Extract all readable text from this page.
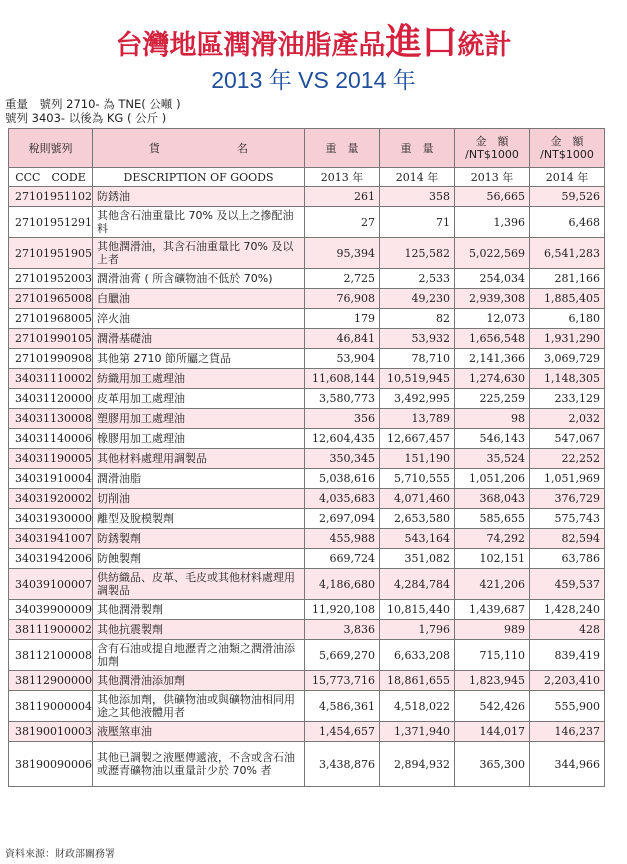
台灣地區潤滑油脂產品進口統計
2013 年 VS 2014 年
重量　號列 2710- 為 TNE( 公噸 )
號列 3403- 以後為 KG ( 公斤 )
稅則號列	貨　　　　　　　名	重　量	重　量	金　額 /NT$1000	金　額 /NT$1000
CCC　CODE	DESCRIPTION OF GOODS	2013 年	2014 年	2013 年	2014 年
27101951102	防銹油	261	358	56,665	59,526
27101951291	其他含石油重量比 70% 及以上之摻配油料	27	71	1,396	6,468
27101951905	其他潤滑油，其含石油重量比 70% 及以上者	95,394	125,582	5,022,569	6,541,283
27101952003	潤滑油膏 ( 所含礦物油不低於 70%)	2,725	2,533	254,034	281,166
27101965008	白臘油	76,908	49,230	2,939,308	1,885,405
27101968005	淬火油	179	82	12,073	6,180
27101990105	潤滑基礎油	46,841	53,932	1,656,548	1,931,290
27101990908	其他第 2710 節所屬之貨品	53,904	78,710	2,141,366	3,069,729
34031110002	紡織用加工處理油	11,608,144	10,519,945	1,274,630	1,148,305
34031120000	皮革用加工處理油	3,580,773	3,492,995	225,259	233,129
34031130008	塑膠用加工處理油	356	13,789	98	2,032
34031140006	橡膠用加工處理油	12,604,435	12,667,457	546,143	547,067
34031190005	其他材料處理用調製品	350,345	151,190	35,524	22,252
34031910004	潤滑油脂	5,038,616	5,710,555	1,051,206	1,051,969
34031920002	切削油	4,035,683	4,071,460	368,043	376,729
34031930000	離型及脫模製劑	2,697,094	2,653,580	585,655	575,743
34031941007	防銹製劑	455,988	543,164	74,292	82,594
34031942006	防蝕製劑	669,724	351,082	102,151	63,786
34039100007	供紡織品、皮革、毛皮或其他材料處理用調製品	4,186,680	4,284,784	421,206	459,537
34039900009	其他潤滑製劑	11,920,108	10,815,440	1,439,687	1,428,240
38111900002	其他抗震製劑	3,836	1,796	989	428
38112100008	含有石油或提自地瀝青之油類之潤滑油添加劑	5,669,270	6,633,208	715,110	839,419
38112900000	其他潤滑油添加劑	15,773,716	18,861,655	1,823,945	2,203,410
38119000004	其他添加劑，供礦物油或與礦物油相同用途之其他液體用者	4,586,361	4,518,022	542,426	555,900
38190010003	液壓煞車油	1,454,657	1,371,940	144,017	146,237
38190090006	其他已調製之液壓傳遞液，不含或含石油或瀝青礦物油以重量計少於 70% 者	3,438,876	2,894,932	365,300	344,966
資料來源：財政部關務署
